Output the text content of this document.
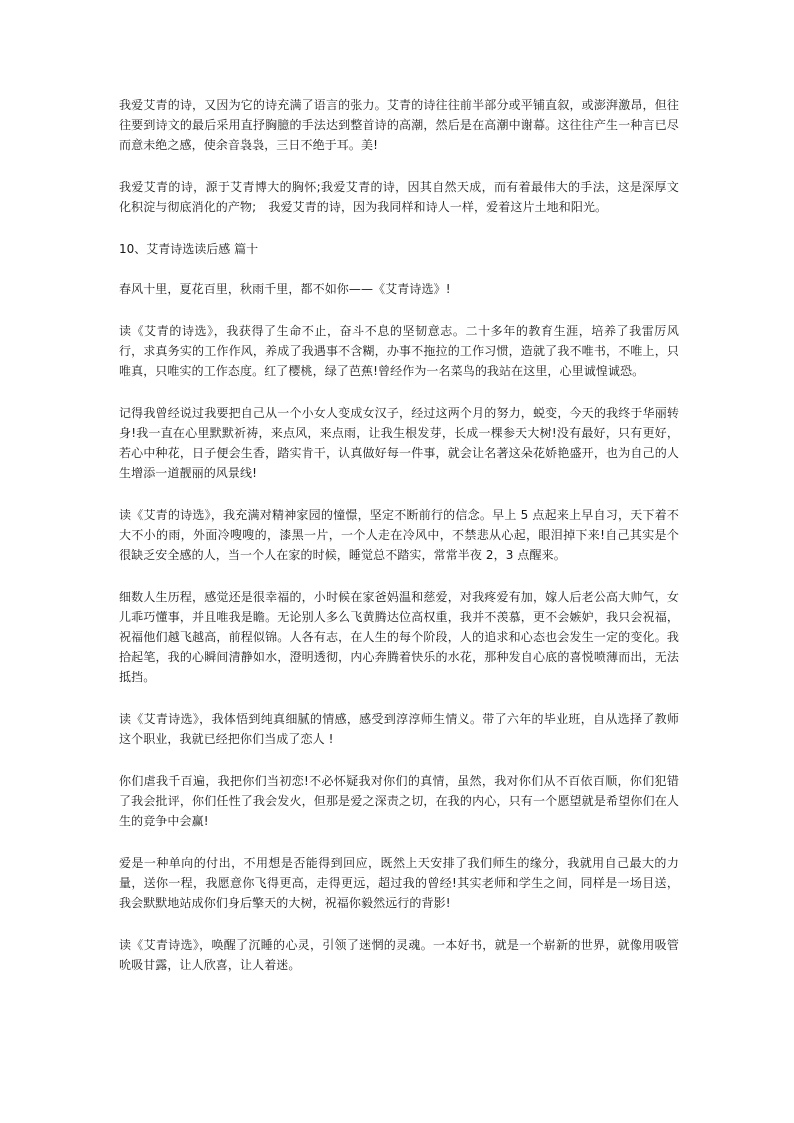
我爱艾青的诗，又因为它的诗充满了语言的张力。艾青的诗往往前半部分或平铺直叙，或澎湃激昂，但往往要到诗文的最后采用直抒胸臆的手法达到整首诗的高潮，然后是在高潮中谢幕。这往往产生一种言已尽而意未绝之感，使余音袅袅，三日不绝于耳。美!

我爱艾青的诗，源于艾青博大的胸怀;我爱艾青的诗，因其自然天成，而有着最伟大的手法，这是深厚文化积淀与彻底消化的产物;　我爱艾青的诗，因为我同样和诗人一样，爱着这片土地和阳光。

10、艾青诗选读后感 篇十

春风十里，夏花百里，秋雨千里，都不如你——《艾青诗选》!

读《艾青的诗选》，我获得了生命不止，奋斗不息的坚韧意志。二十多年的教育生涯，培养了我雷厉风行，求真务实的工作作风，养成了我遇事不含糊，办事不拖拉的工作习惯，造就了我不唯书，不唯上，只唯真，只唯实的工作态度。红了樱桃，绿了芭蕉!曾经作为一名菜鸟的我站在这里，心里诚惶诚恐。

记得我曾经说过我要把自己从一个小女人变成女汉子，经过这两个月的努力，蜕变，今天的我终于华丽转身!我一直在心里默默祈祷，来点风，来点雨，让我生根发芽，长成一棵参天大树!没有最好，只有更好，若心中种花，日子便会生香，踏实肯干，认真做好每一件事，就会让名著这朵花娇艳盛开，也为自己的人生增添一道靓丽的风景线!

读《艾青的诗选》，我充满对精神家园的憧憬，坚定不断前行的信念。早上 5 点起来上早自习，天下着不大不小的雨，外面冷嗖嗖的，漆黑一片，一个人走在冷风中，不禁悲从心起，眼泪掉下来!自己其实是个很缺乏安全感的人，当一个人在家的时候，睡觉总不踏实，常常半夜 2，3 点醒来。

细数人生历程，感觉还是很幸福的，小时候在家爸妈温和慈爱，对我疼爱有加，嫁人后老公高大帅气，女儿乖巧懂事，并且唯我是瞻。无论别人多么飞黄腾达位高权重，我并不羡慕，更不会嫉妒，我只会祝福，祝福他们越飞越高，前程似锦。人各有志，在人生的每个阶段，人的追求和心态也会发生一定的变化。我拾起笔，我的心瞬间清静如水，澄明透彻，内心奔腾着快乐的水花，那种发自心底的喜悦喷薄而出，无法抵挡。

读《艾青诗选》，我体悟到纯真细腻的情感，感受到淳淳师生情义。带了六年的毕业班，自从选择了教师这个职业，我就已经把你们当成了恋人 !

你们虐我千百遍，我把你们当初恋!不必怀疑我对你们的真情，虽然，我对你们从不百依百顺，你们犯错了我会批评，你们任性了我会发火，但那是爱之深责之切，在我的内心，只有一个愿望就是希望你们在人生的竞争中会赢!

爱是一种单向的付出，不用想是否能得到回应，既然上天安排了我们师生的缘分，我就用自己最大的力量，送你一程，我愿意你飞得更高，走得更远，超过我的曾经!其实老师和学生之间，同样是一场目送，我会默默地站成你们身后擎天的大树，祝福你毅然远行的背影!

读《艾青诗选》，唤醒了沉睡的心灵，引领了迷惘的灵魂。一本好书，就是一个崭新的世界，就像用吸管吮吸甘露，让人欣喜，让人着迷。
